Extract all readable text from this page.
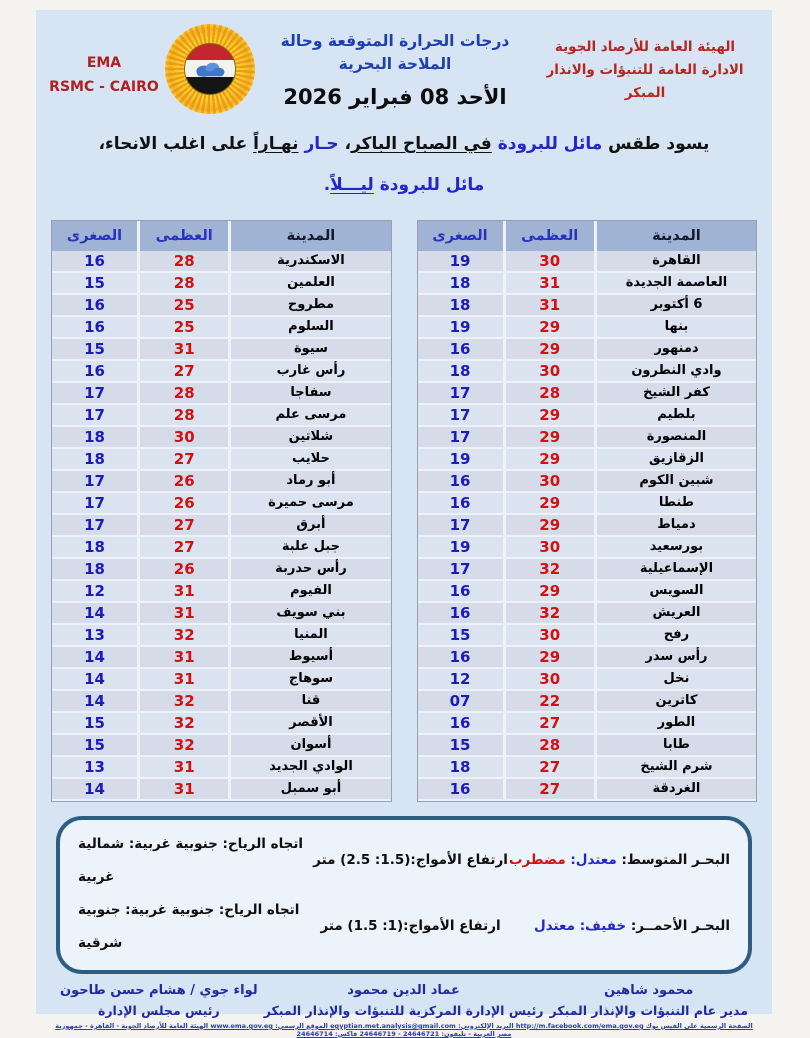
الهيئة العامة للأرصاد الجوية
الادارة العامة للتنبؤات والانذار المبكر
درجات الحرارة المتوقعة وحالة الملاحة البحرية
الأحد 08 فبراير 2026
EMA
RSMC - CAIRO
يسود طقس مائل للبرودة في الصباح الباكر، حـار نهـاراً على اغلب الانحاء،
مائل للبرودة ليـــلاً.
المدينة	العظمى	الصغرى
القاهرة	30	19
العاصمة الجديدة	31	18
6 أكتوبر	31	18
بنها	29	19
دمنهور	29	16
وادي النطرون	30	18
كفر الشيخ	28	17
بلطيم	29	17
المنصورة	29	17
الزقازيق	29	19
شبين الكوم	30	16
طنطا	29	16
دمياط	29	17
بورسعيد	30	19
الإسماعيلية	32	17
السويس	29	16
العريش	32	16
رفح	30	15
رأس سدر	29	16
نخل	30	12
كاترين	22	07
الطور	27	16
طابا	28	15
شرم الشيخ	27	18
الغردقة	27	16
المدينة	العظمى	الصغرى
الاسكندرية	28	16
العلمين	28	15
مطروح	25	16
السلوم	25	16
سيوة	31	15
رأس غارب	27	16
سفاجا	28	17
مرسى علم	28	17
شلاتين	30	18
حلايب	27	18
أبو رماد	26	17
مرسى حميرة	26	17
أبرق	27	17
جبل علبة	27	18
رأس حدربة	26	18
الفيوم	31	12
بني سويف	31	14
المنيا	32	13
أسيوط	31	14
سوهاج	31	14
قنا	32	14
الأقصر	32	15
أسوان	32	15
الوادي الجديد	31	13
أبو سمبل	31	14
البحـر المتوسط: معتدل: مضطرب
ارتفاع الأمواج:(1.5: 2.5) متر
اتجاه الرياح: جنوبية غربية: شمالية غربية
البحـر الأحمــر: خفيف: معتدل
ارتفاع الأمواج:(1: 1.5) متر
اتجاه الرياح: جنوبية غربية: جنوبية شرقية
محمود شاهين
مدير عام التنبؤات والإنذار المبكر
عماد الدين محمود
رئيس الإدارة المركزية للتنبؤات والإنذار المبكر
لواء جوي / هشام حسن طاحون
رئيس مجلس الإدارة
الصفحة الرسمية على الفيس بوك http://m.facebook.com/ema.gov.eg البريد الإلكتروني: egyptian.met.analysis@gmail.com الموقع الرسمي: www.ema.gov.eg الهيئة العامة للأرصاد الجوية - القاهرة - جمهورية مصر العربية - تليفون: 24646721 - 24646719 فاكس: 24646714
